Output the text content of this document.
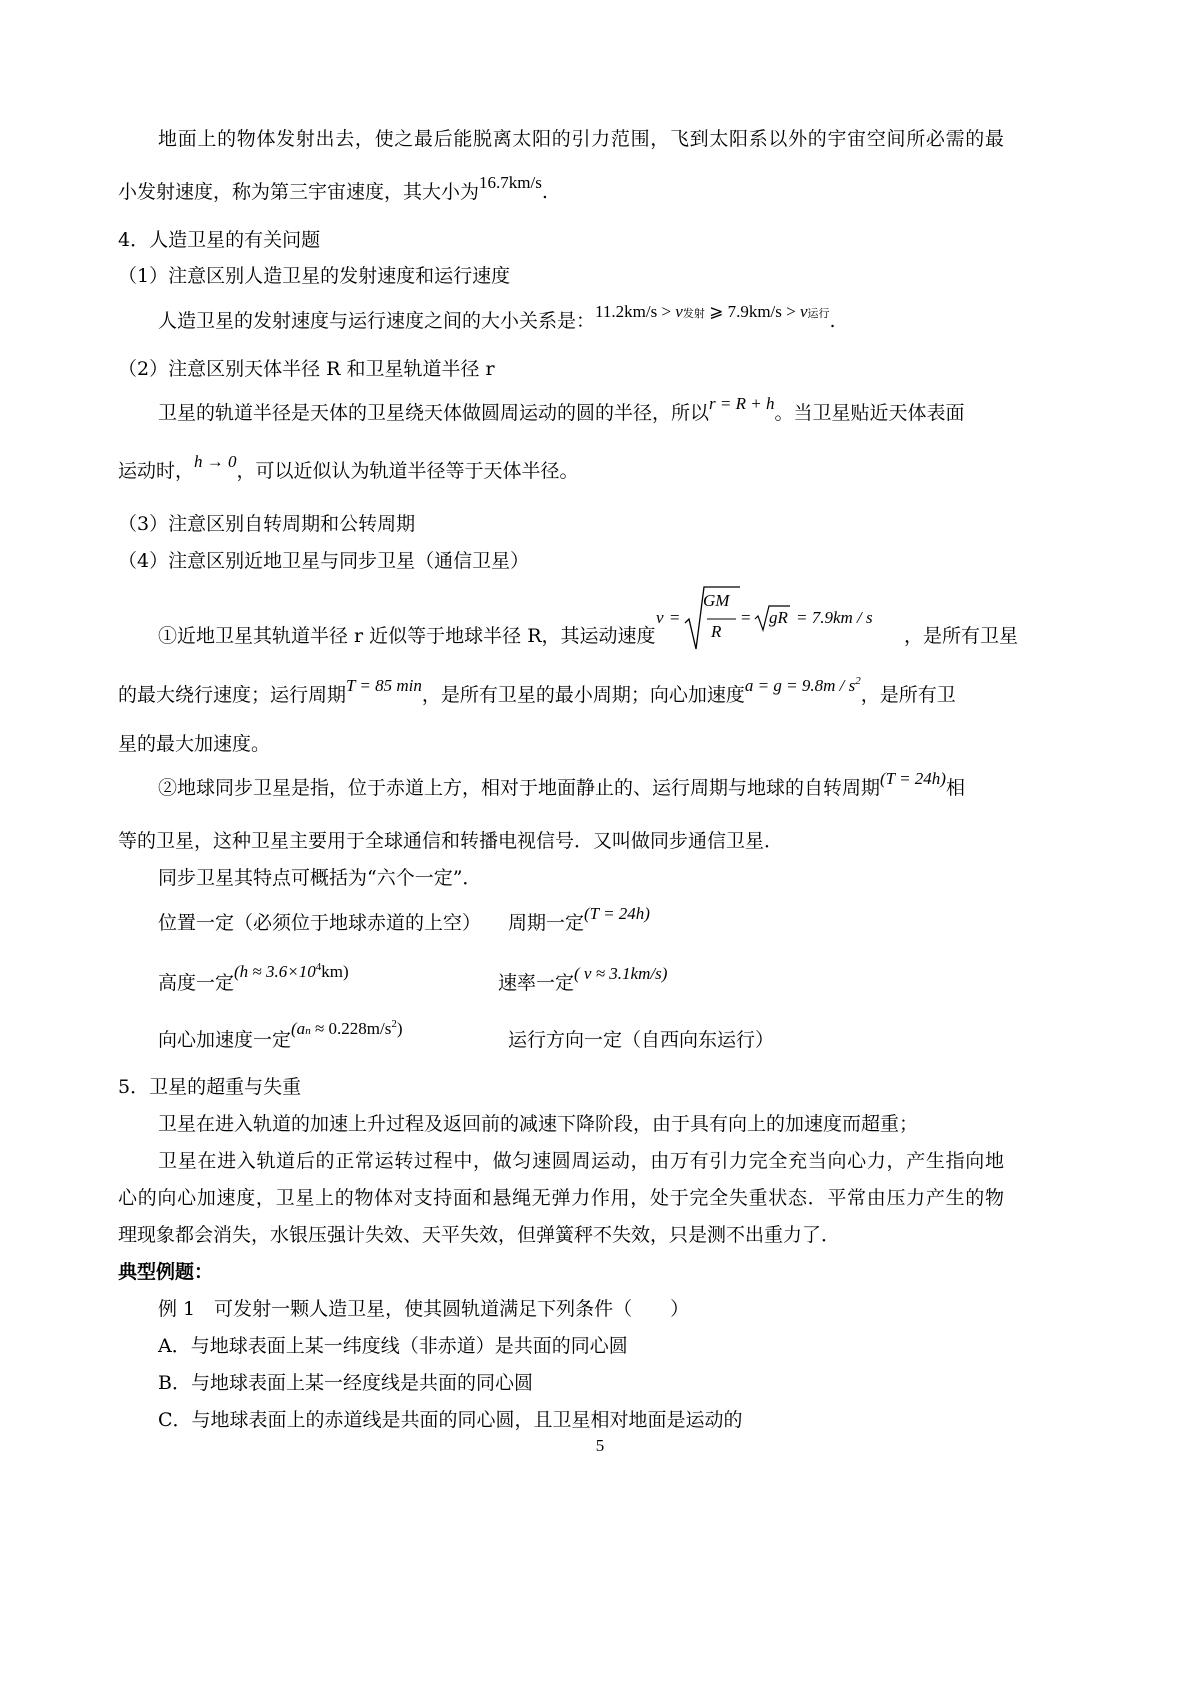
地面上的物体发射出去，使之最后能脱离太阳的引力范围，飞到太阳系以外的宇宙空间所必需的最
小发射速度，称为第三宇宙速度，其大小为16.7km/s.
4．人造卫星的有关问题
（1）注意区别人造卫星的发射速度和运行速度
人造卫星的发射速度与运行速度之间的大小关系是：11.2km/s > v发射 ⩾ 7.9km/s > v运行.
（2）注意区别天体半径 R 和卫星轨道半径 r
卫星的轨道半径是天体的卫星绕天体做圆周运动的圆的半径，所以r = R + h。当卫星贴近天体表面
运动时，h → 0，可以近似认为轨道半径等于天体半径。
（3）注意区别自转周期和公转周期
（4）注意区别近地卫星与同步卫星（通信卫星）
①近地卫星其轨道半径 r 近似等于地球半径 R，其运动速度	，是所有卫星
v =
GM
R
= gR = 7.9km / s
的最大绕行速度；运行周期T = 85 min，是所有卫星的最小周期；向心加速度$a = g = 9.8m / s^2$，是所有卫
星的最大加速度。
②地球同步卫星是指，位于赤道上方，相对于地面静止的、运行周期与地球的自转周期(T = 24h)相
等的卫星，这种卫星主要用于全球通信和转播电视信号．又叫做同步通信卫星．
同步卫星其特点可概括为“六个一定”．
位置一定（必须位于地球赤道的上空） 周期一定(T = 24h)
高度一定$(h \approx 3.6\times 10^4km)$
速率一定( v ≈ 3.1km/s)
向心加速度一定$(an \approx 0.228m/s^2)$
运行方向一定（自西向东运行）
5．卫星的超重与失重
卫星在进入轨道的加速上升过程及返回前的减速下降阶段，由于具有向上的加速度而超重；
卫星在进入轨道后的正常运转过程中，做匀速圆周运动，由万有引力完全充当向心力，产生指向地
心的向心加速度，卫星上的物体对支持面和悬绳无弹力作用，处于完全失重状态．平常由压力产生的物
理现象都会消失，水银压强计失效、天平失效，但弹簧秤不失效，只是测不出重力了．
典型例题：
例 1　可发射一颗人造卫星，使其圆轨道满足下列条件（　　）
A．与地球表面上某一纬度线（非赤道）是共面的同心圆
B．与地球表面上某一经度线是共面的同心圆
C．与地球表面上的赤道线是共面的同心圆，且卫星相对地面是运动的
5
